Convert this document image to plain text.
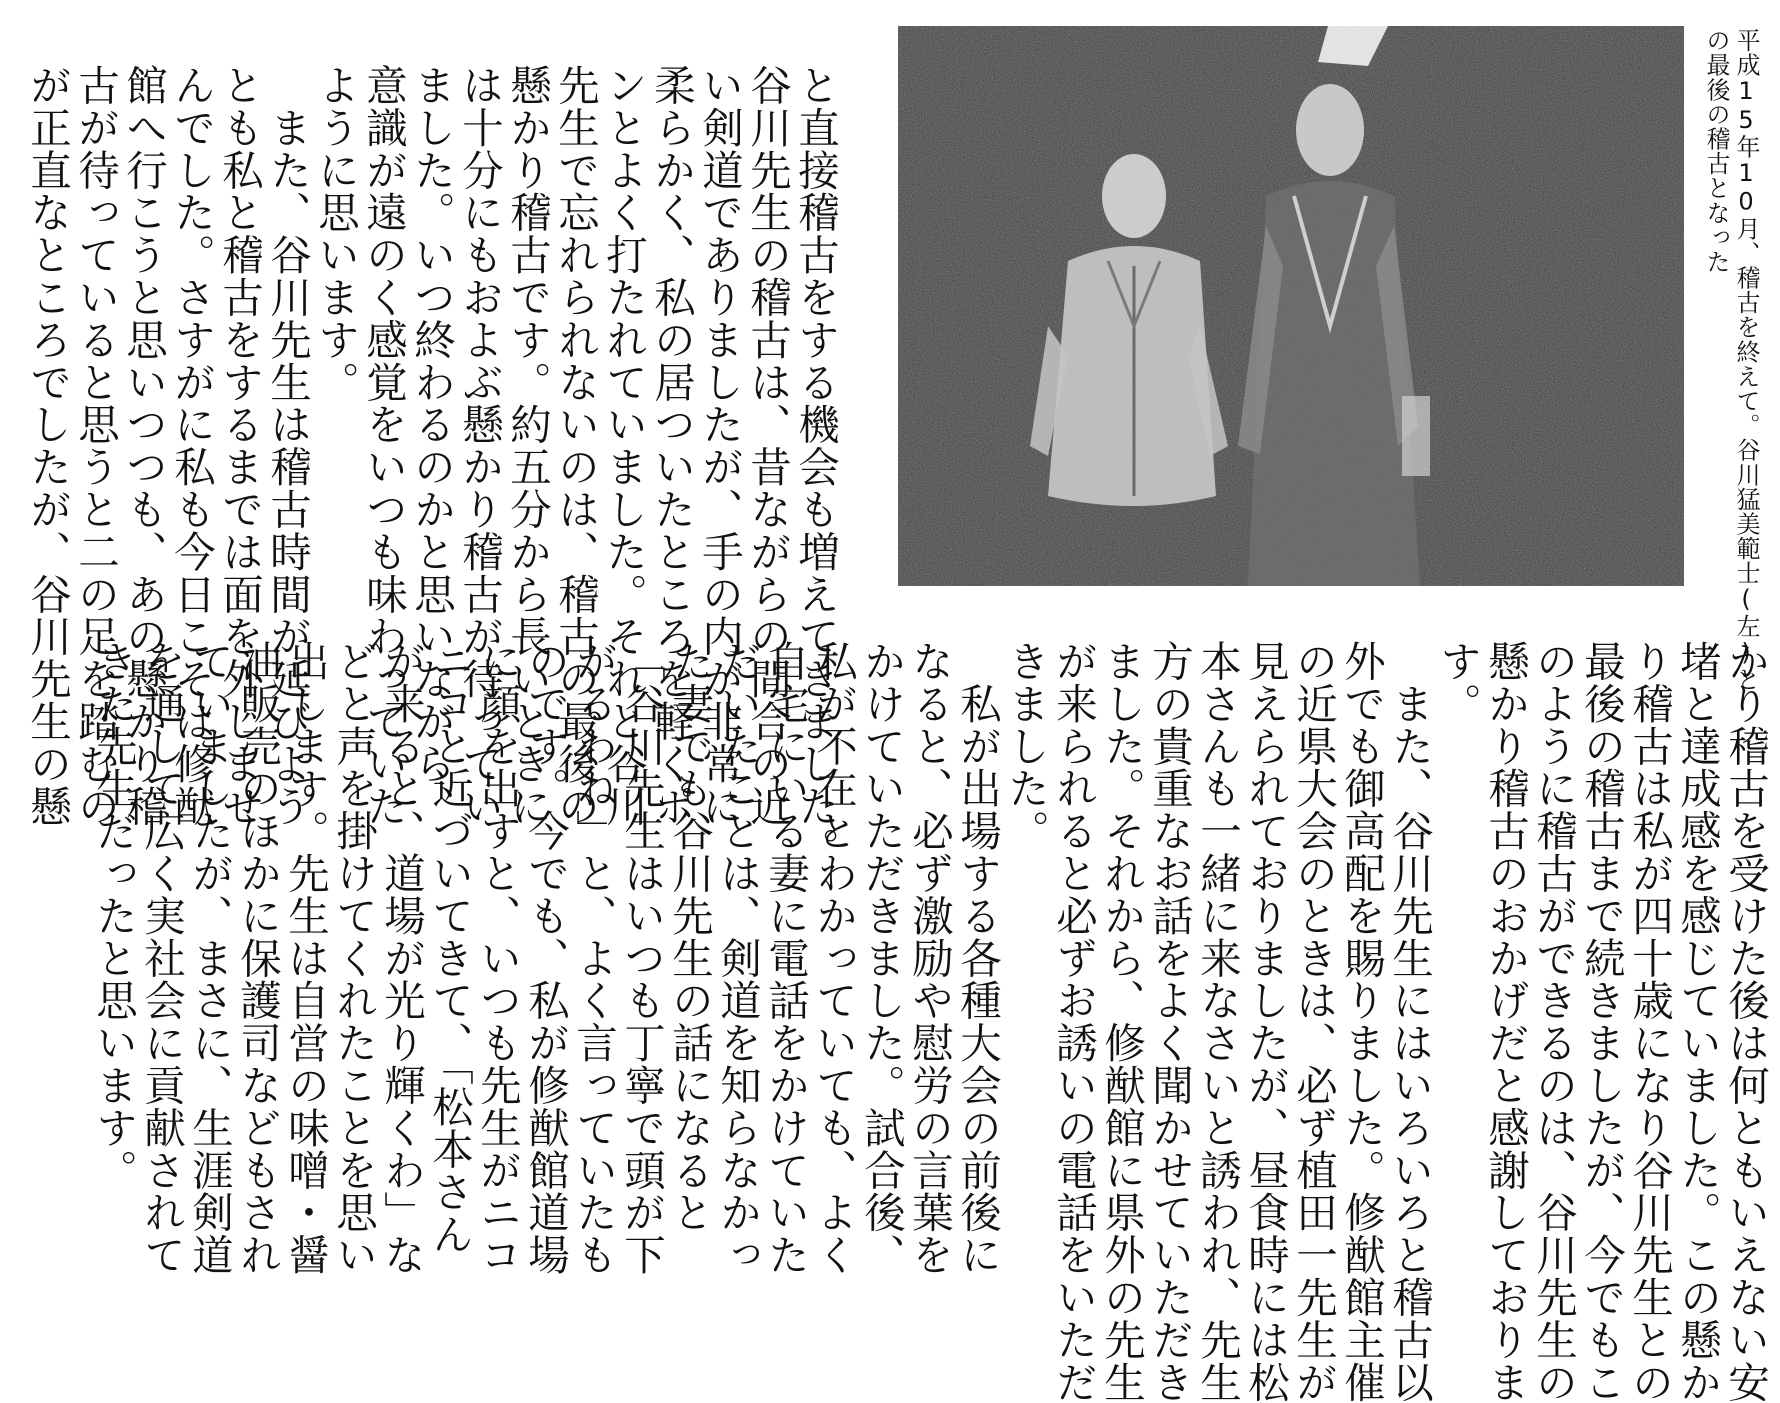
平成15年10月、稽古を終えて。谷川猛美範士(左)と
の最後の稽古となった
と直接稽古をする機会も増えてきました。
谷川先生の稽古は、昔ながらの間合の近
い剣道でありましたが、手の内が非常に
柔らかく、私の居ついたところを軽くポ
ンとよく打たれていました。それと谷川
先生で忘れられないのは、稽古の最後の
懸かり稽古です。約五分から長いときに
は十分にもおよぶ懸かり稽古が待ってい
ました。いつ終わるのかと思いながら、
意識が遠のく感覚をいつも味わっていた
ように思います。
　また、谷川先生は稽古時間が延びよう
とも私と稽古をするまでは面を外しませ
んでした。さすがに私も今日こそは修猷
館へ行こうと思いつつも、あの懸かり稽
古が待っていると思うと二の足を踏むの
が正直なところでしたが、谷川先生の懸
かり稽古を受けた後は何ともいえない安
堵と達成感を感じていました。この懸か
り稽古は私が四十歳になり谷川先生との
最後の稽古まで続きましたが、今でもこ
のように稽古ができるのは、谷川先生の
懸かり稽古のおかげだと感謝しておりま
す。
　また、谷川先生にはいろいろと稽古以
外でも御高配を賜りました。修猷館主催
の近県大会のときは、必ず植田一先生が
見えられておりましたが、昼食時には松
本さんも一緒に来なさいと誘われ、先生
方の貴重なお話をよく聞かせていただき
ました。それから、修猷館に県外の先生
が来られると必ずお誘いの電話をいただ
きました。
　私が出場する各種大会の前後に
なると、必ず激励や慰労の言葉を
かけていただきました。試合後、
私が不在とわかっていても、よく
自宅にいる妻に電話をかけていた
だいたことは、剣道を知らなかっ
た妻でも谷川先生の話になると
「谷川先生はいつも丁寧で頭が下
がるわね」と、よく言っていたも
のです。今でも、私が修猷館道場
に顔を出すと、いつも先生がニコ
ニコと近づいてきて、「松本さん
が来ると、道場が光り輝くわ」な
どと声を掛けてくれたことを思い
出します。先生は自営の味噌・醤
油販売のほかに保護司などもされ
ていましたが、まさに、生涯剣道
を通して広く実社会に貢献されて
きた先生だったと思います。
